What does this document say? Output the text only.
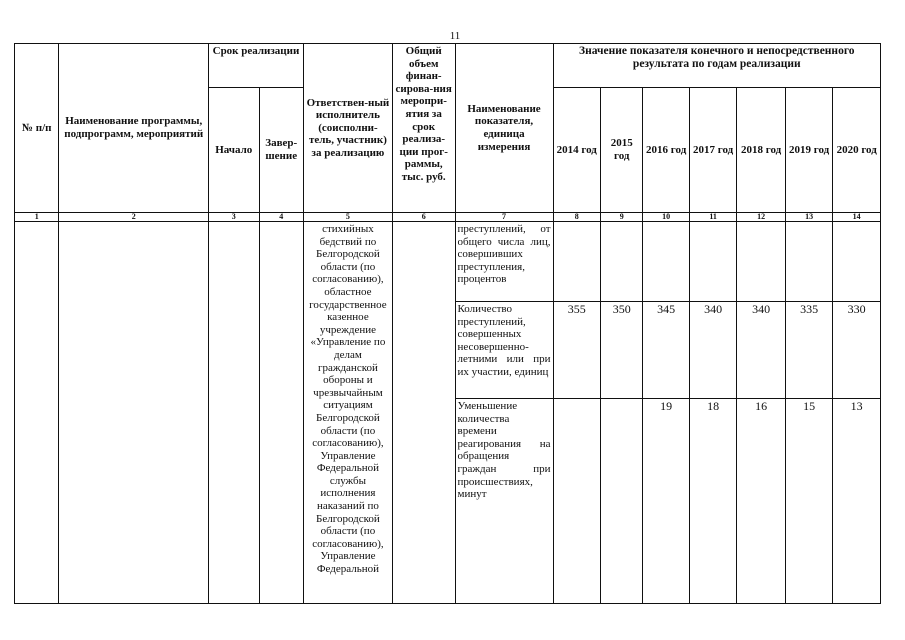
11
№ п/п	Наименование программы, подпрограмм, мероприятий	Срок реализации		Ответствен-ный исполнитель (соисполни-тель, участник) за реализацию	Общий объем финан-сирова-ния меропри-ятия за срок реализа-ции прог-раммы, тыс. руб.	Наименование показателя, единица измерения	Значение показателя конечного и непосредственного результата по годам реализации						
		Начало	Завер-шение				2014 год	2015 год	2016 год	2017 год	2018 год	2019 год	2020 год
1	2	3	4	5	6	7	8	9	10	11	12	13	14
				стихийных бедствий по Белгородской области (по согласованию), областное государственное казенное учреждение «Управление по делам гражданской обороны и чрезвычайным ситуациям Белгородской области (по согласованию), Управление Федеральной службы исполнения наказаний по Белгородской области (по согласованию), Управление Федеральной		преступлений, от общего числа лиц, совершивших преступления, процентов							
						Количество преступлений, совершенных несовершенно-летними или при их участии, единиц	355	350	345	340	340	335	330
						Уменьшение количества времени реагирования на обращения граждан при происшествиях, минут			19	18	16	15	13
